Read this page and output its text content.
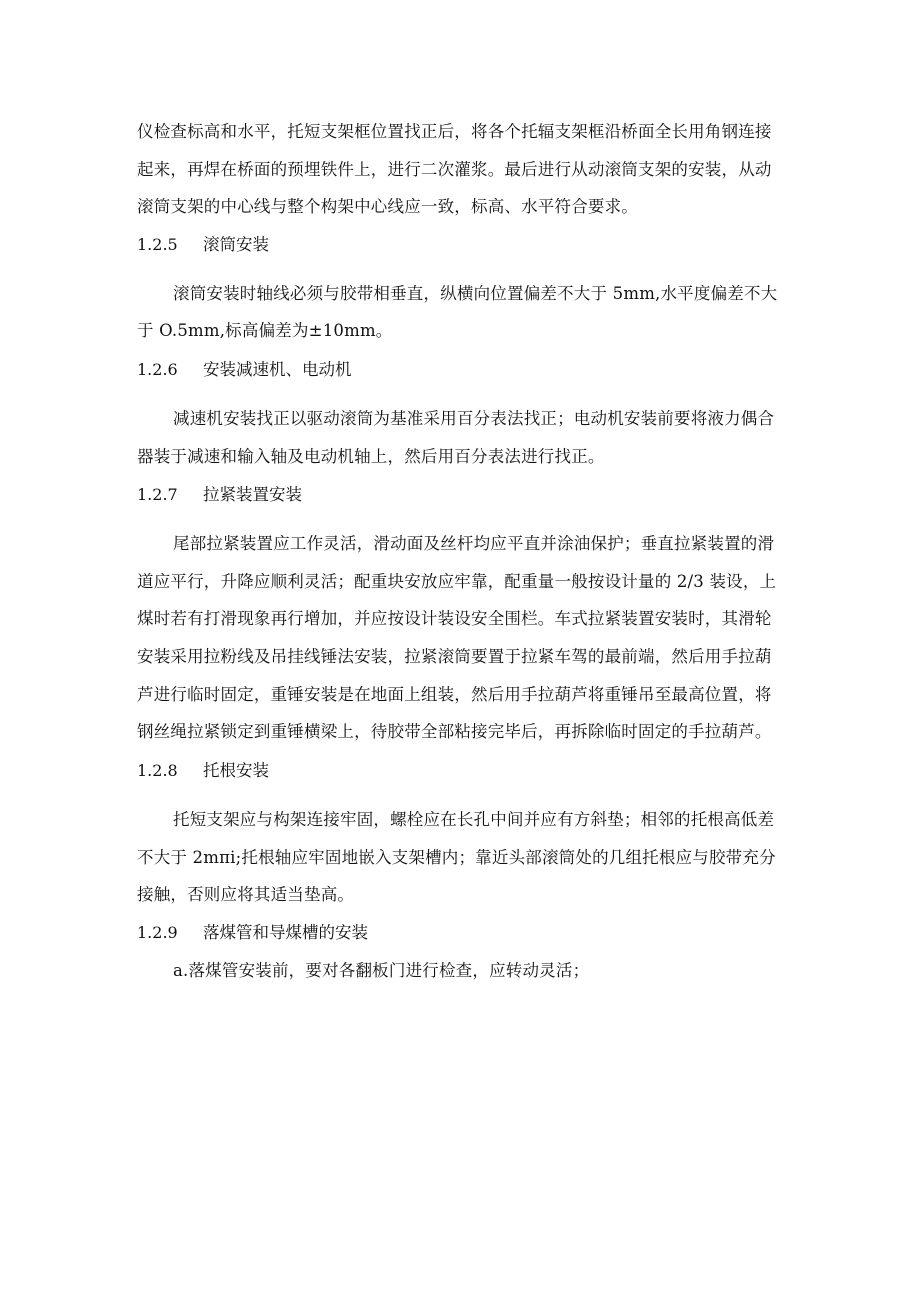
仪检查标高和水平，托短支架框位置找正后，将各个托辐支架框沿桥面全长用角钢连接
起来，再焊在桥面的预埋铁件上，进行二次灌浆。最后进行从动滚筒支架的安装，从动
滚筒支架的中心线与整个构架中心线应一致，标高、水平符合要求。
1.2.5 滚筒安装
滚筒安装时轴线必须与胶带相垂直，纵横向位置偏差不大于 5mm,水平度偏差不大
于 O.5mm,标高偏差为±10mm。
1.2.6 安装减速机、电动机
减速机安装找正以驱动滚筒为基准采用百分表法找正；电动机安装前要将液力偶合
器装于减速和输入轴及电动机轴上，然后用百分表法进行找正。
1.2.7 拉紧装置安装
尾部拉紧装置应工作灵活，滑动面及丝杆均应平直并涂油保护；垂直拉紧装置的滑
道应平行，升降应顺利灵活；配重块安放应牢靠，配重量一般按设计量的 2/3 装设，上
煤时若有打滑现象再行增加，并应按设计装设安全围栏。车式拉紧装置安装时，其滑轮
安装采用拉粉线及吊挂线锤法安装，拉紧滚筒要置于拉紧车驾的最前端，然后用手拉葫
芦进行临时固定，重锤安装是在地面上组装，然后用手拉葫芦将重锤吊至最高位置，将
钢丝绳拉紧锁定到重锤横梁上，待胶带全部粘接完毕后，再拆除临时固定的手拉葫芦。
1.2.8 托根安装
托短支架应与构架连接牢固，螺栓应在长孔中间并应有方斜垫；相邻的托根高低差
不大于 2mπi;托根轴应牢固地嵌入支架槽内；靠近头部滚筒处的几组托根应与胶带充分
接触，否则应将其适当垫高。
1.2.9 落煤管和导煤槽的安装
a.落煤管安装前，要对各翻板门进行检查，应转动灵活；
